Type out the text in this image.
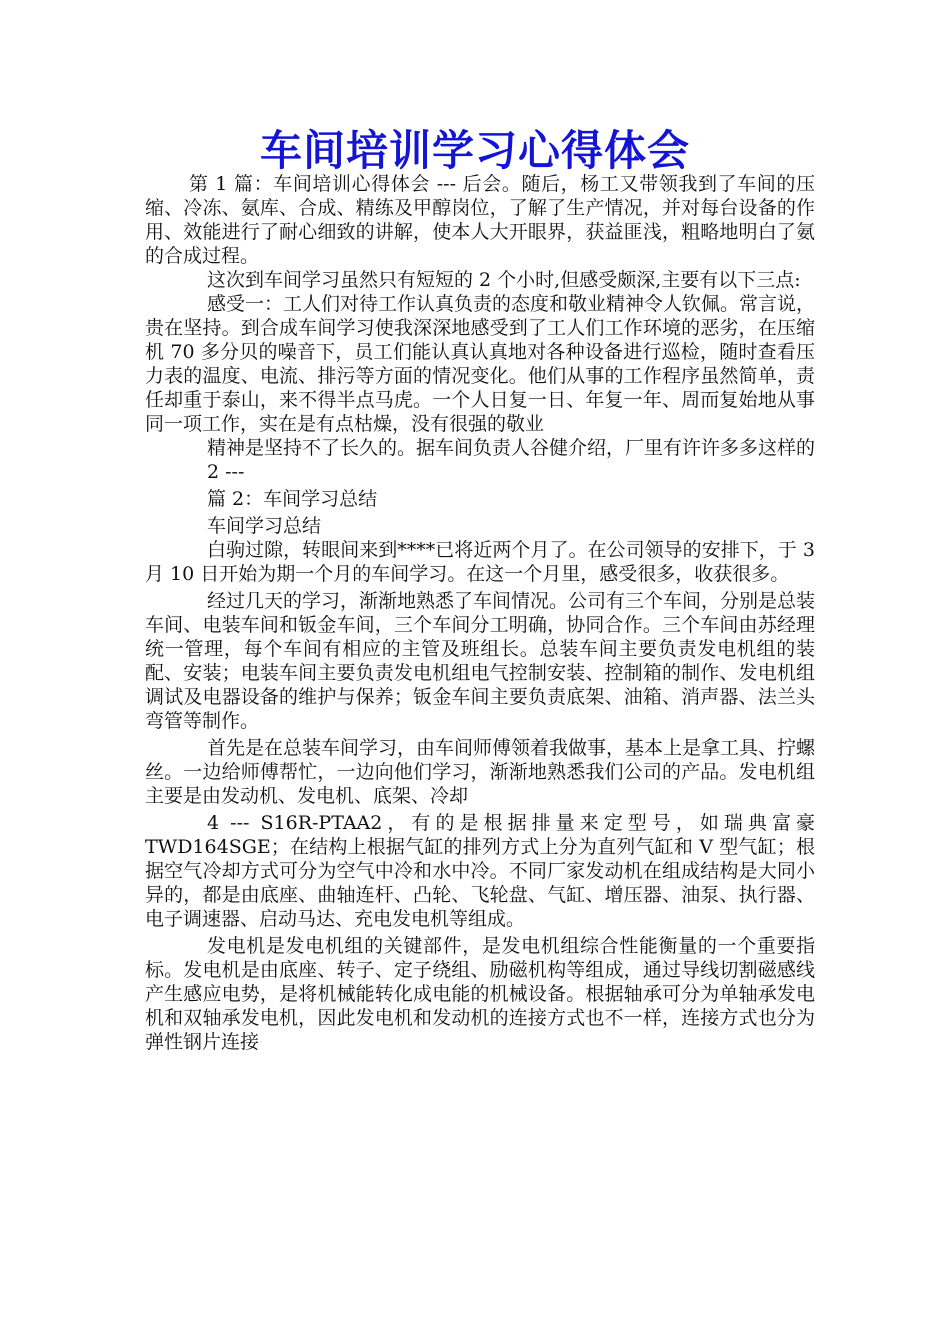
车间培训学习心得体会

第 1 篇：车间培训心得体会 --- 后会。随后，杨工又带领我到了车间的压缩、冷冻、氨库、合成、精练及甲醇岗位，了解了生产情况，并对每台设备的作用、效能进行了耐心细致的讲解，使本人大开眼界，获益匪浅，粗略地明白了氨的合成过程。

这次到车间学习虽然只有短短的 2 个小时,但感受颇深,主要有以下三点:

感受一：工人们对待工作认真负责的态度和敬业精神令人钦佩。常言说，贵在坚持。到合成车间学习使我深深地感受到了工人们工作环境的恶劣，在压缩机 70 多分贝的噪音下，员工们能认真认真地对各种设备进行巡检，随时查看压力表的温度、电流、排污等方面的情况变化。他们从事的工作程序虽然简单，责任却重于泰山，来不得半点马虎。一个人日复一日、年复一年、周而复始地从事同一项工作，实在是有点枯燥，没有很强的敬业

精神是坚持不了长久的。据车间负责人谷健介绍，厂里有许许多多这样的

2 ---

篇 2：车间学习总结

车间学习总结

白驹过隙，转眼间来到****已将近两个月了。在公司领导的安排下，于 3 月 10 日开始为期一个月的车间学习。在这一个月里，感受很多，收获很多。

经过几天的学习，渐渐地熟悉了车间情况。公司有三个车间，分别是总装车间、电装车间和钣金车间，三个车间分工明确，协同合作。三个车间由苏经理统一管理，每个车间有相应的主管及班组长。总装车间主要负责发电机组的装配、安装；电装车间主要负责发电机组电气控制安装、控制箱的制作、发电机组调试及电器设备的维护与保养；钣金车间主要负责底架、油箱、消声器、法兰头弯管等制作。

首先是在总装车间学习，由车间师傅领着我做事，基本上是拿工具、拧螺丝。一边给师傅帮忙，一边向他们学习，渐渐地熟悉我们公司的产品。发电机组主要是由发动机、发电机、底架、冷却

4 --- S16R-PTAA2，有的是根据排量来定型号，如瑞典富豪TWD164SGE；在结构上根据气缸的排列方式上分为直列气缸和 V 型气缸；根据空气冷却方式可分为空气中冷和水中冷。不同厂家发动机在组成结构是大同小异的，都是由底座、曲轴连杆、凸轮、飞轮盘、气缸、增压器、油泵、执行器、电子调速器、启动马达、充电发电机等组成。

发电机是发电机组的关键部件，是发电机组综合性能衡量的一个重要指标。发电机是由底座、转子、定子绕组、励磁机构等组成，通过导线切割磁感线产生感应电势，是将机械能转化成电能的机械设备。根据轴承可分为单轴承发电机和双轴承发电机，因此发电机和发动机的连接方式也不一样，连接方式也分为弹性钢片连接
